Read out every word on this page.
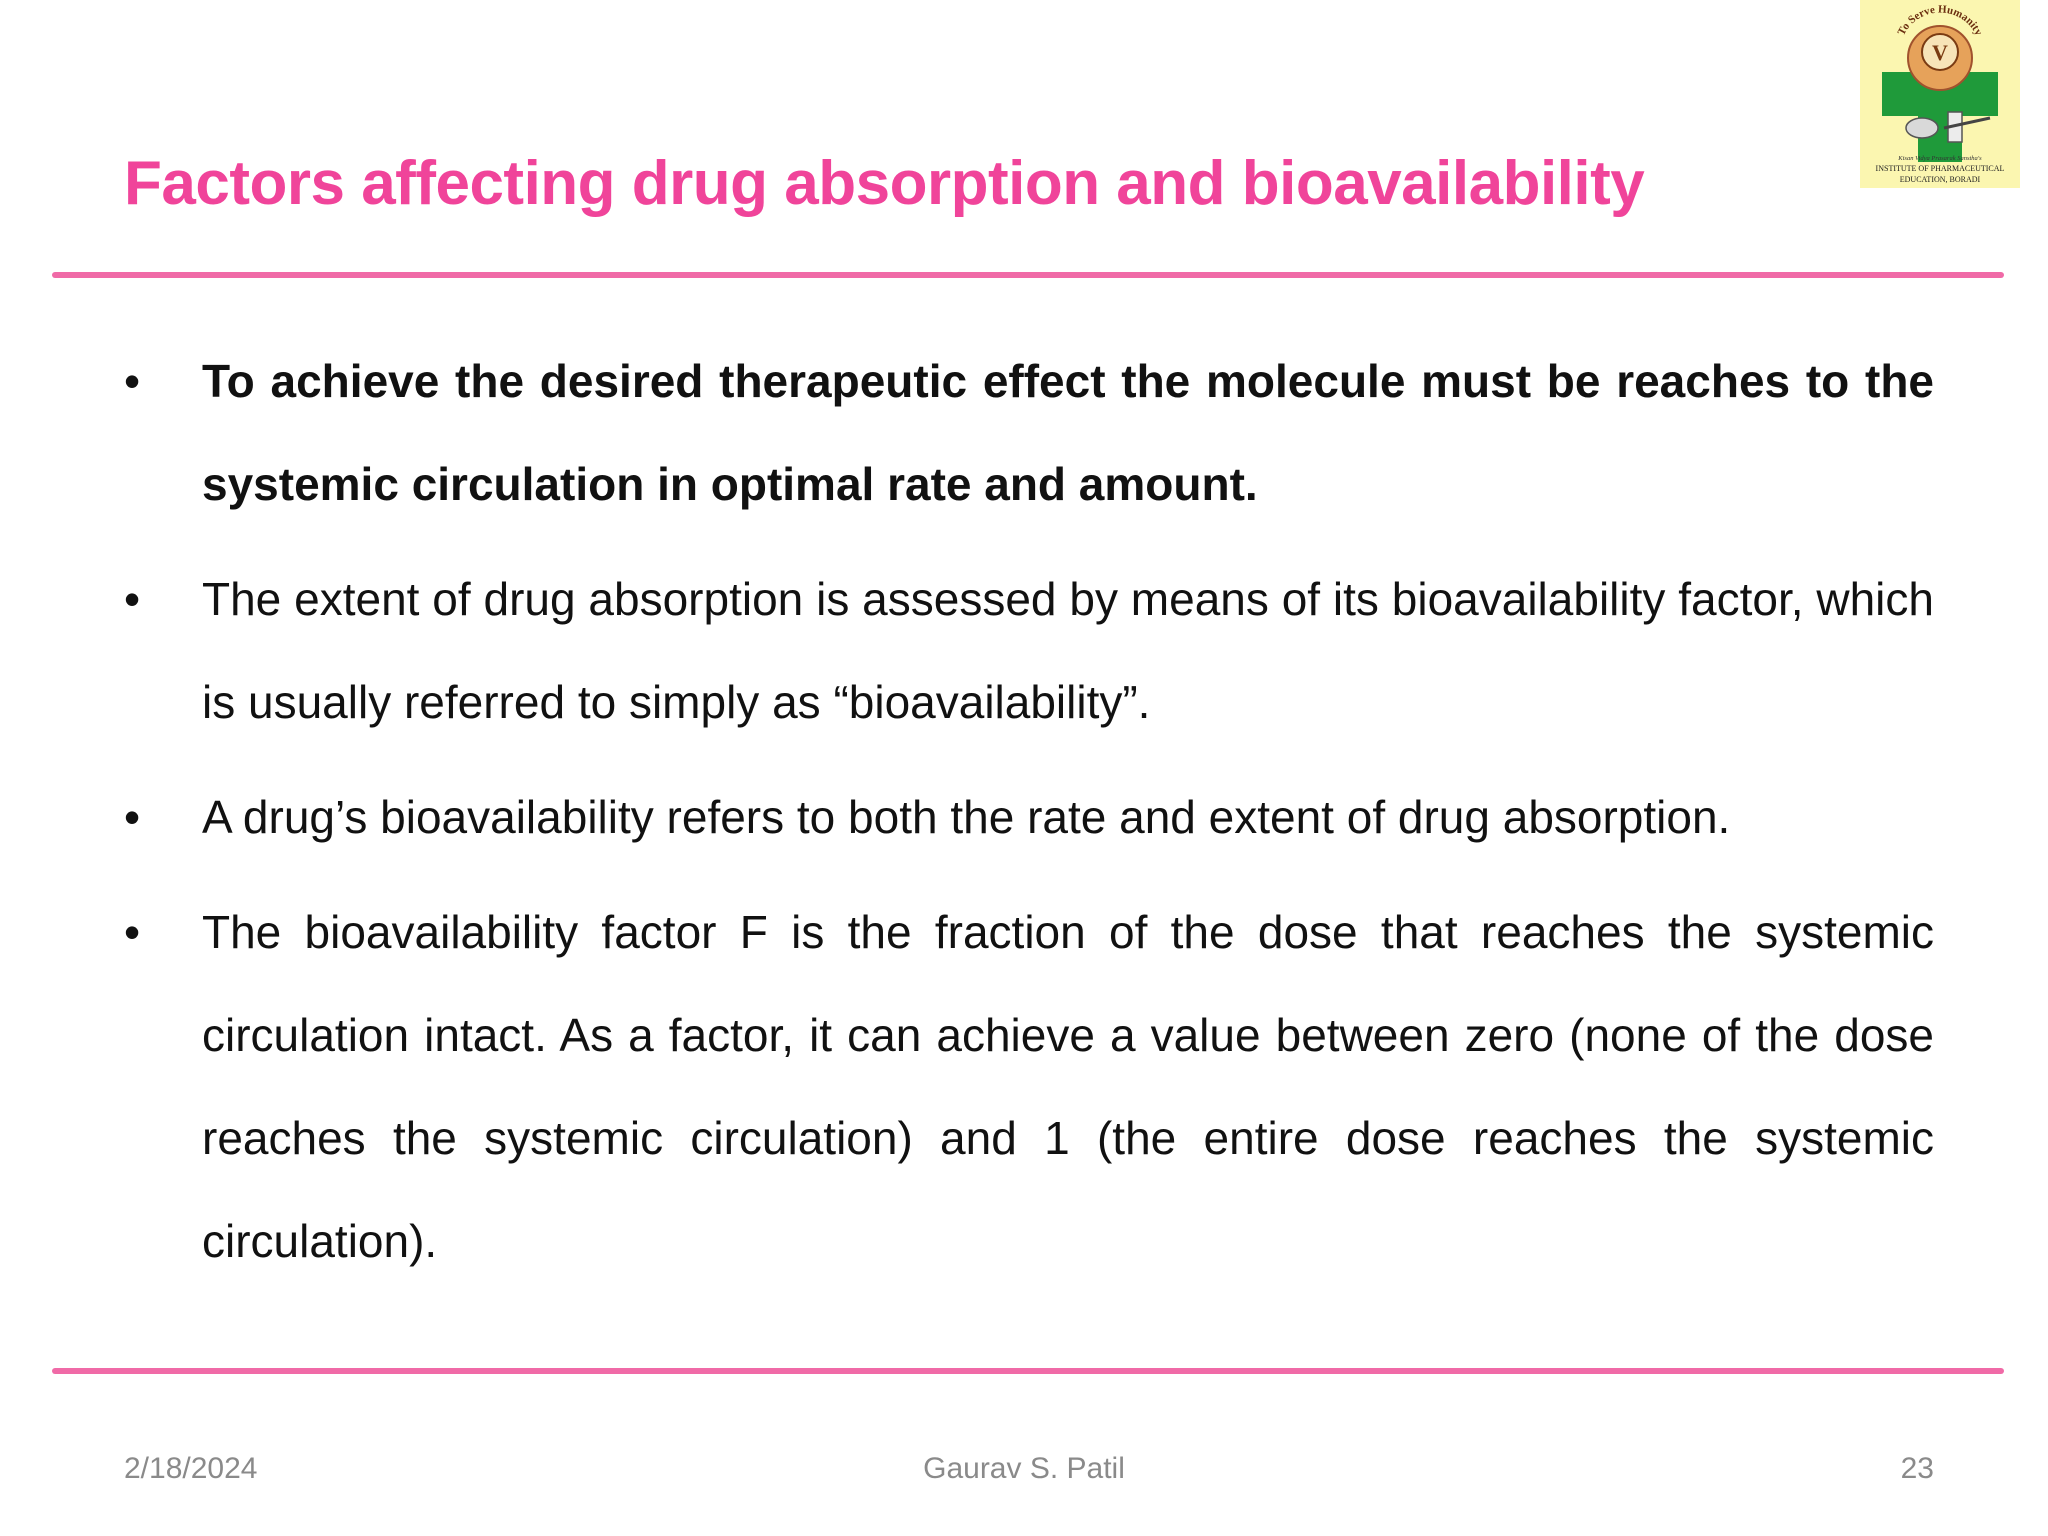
V
To Serve Humanity
Kisan Vidya Prasarak Sanstha's
INSTITUTE OF PHARMACEUTICAL
EDUCATION, BORADI
Factors affecting drug absorption and bioavailability
• To achieve the desired therapeutic effect the molecule must be reaches to the systemic circulation in optimal rate and amount.
• The extent of drug absorption is assessed by means of its bioavailability factor, which is usually referred to simply as “bioavailability”.
• A drug’s bioavailability refers to both the rate and extent of drug absorption.
• The bioavailability factor F is the fraction of the dose that reaches the systemic circulation intact. As a factor, it can achieve a value between zero (none of the dose reaches the systemic circulation) and 1 (the entire dose reaches the systemic circulation).
2/18/2024	Gaurav S. Patil	23
